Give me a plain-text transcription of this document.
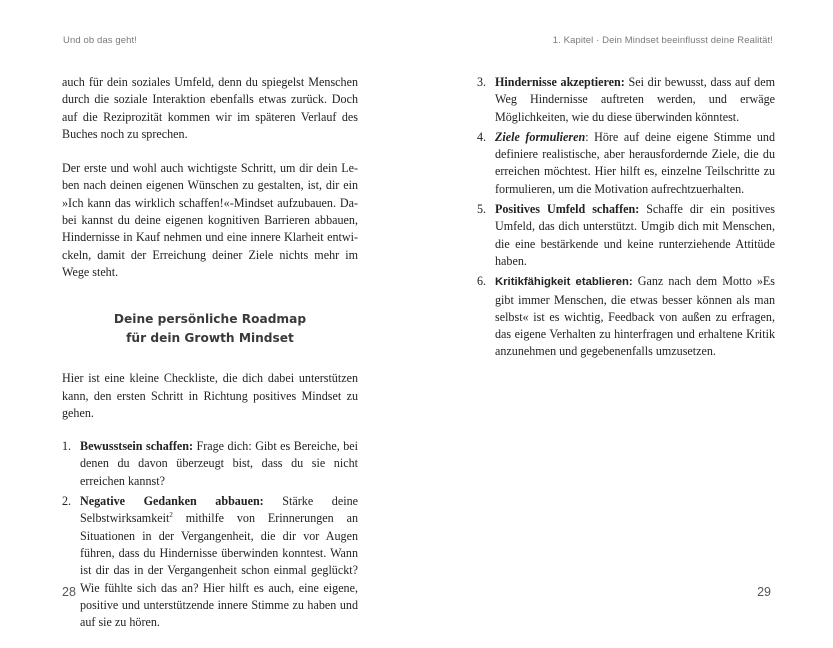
Und ob das geht!

auch für dein soziales Umfeld, denn du spiegelst Menschen durch die soziale Interaktion ebenfalls etwas zurück. Doch auf die Reziprozität kommen wir im späteren Verlauf des Buches noch zu sprechen.

Der erste und wohl auch wichtigste Schritt, um dir dein Leben nach deinen eigenen Wünschen zu gestalten, ist, dir ein »Ich kann das wirklich schaffen!«-Mindset aufzubauen. Dabei kannst du deine eigenen kognitiven Barrieren abbauen, Hindernisse in Kauf nehmen und eine innere Klarheit entwickeln, damit der Erreichung deiner Ziele nichts mehr im Wege steht.

Deine persönliche Roadmap
für dein Growth Mindset

Hier ist eine kleine Checkliste, die dich dabei unterstützen kann, den ersten Schritt in Richtung positives Mindset zu gehen.

1. Bewusstsein schaffen: Frage dich: Gibt es Bereiche, bei denen du davon überzeugt bist, dass du sie nicht erreichen kannst?
2. Negative Gedanken abbauen: Stärke deine Selbstwirksamkeit$^2$ mithilfe von Erinnerungen an Situationen in der Vergangenheit, die dir vor Augen führen, dass du Hindernisse überwinden konntest. Wann ist dir das in der Vergangenheit schon einmal geglückt? Wie fühlte sich das an? Hier hilft es auch, eine eigene, positive und unterstützende innere Stimme zu haben und auf sie zu hören.
28
1. Kapitel · Dein Mindset beeinflusst deine Realität!
3. Hindernisse akzeptieren: Sei dir bewusst, dass auf dem Weg Hindernisse auftreten werden, und erwäge Möglichkeiten, wie du diese überwinden könntest.
4. Ziele formulieren: Höre auf deine eigene Stimme und definiere realistische, aber herausfordernde Ziele, die du erreichen möchtest. Hier hilft es, einzelne Teilschritte zu formulieren, um die Motivation aufrechtzuerhalten.
5. Positives Umfeld schaffen: Schaffe dir ein positives Umfeld, das dich unterstützt. Umgib dich mit Menschen, die eine bestärkende und keine runterziehende Attitüde haben.
6. Kritikfähigkeit etablieren: Ganz nach dem Motto »Es gibt immer Menschen, die etwas besser können als man selbst« ist es wichtig, Feedback von außen zu erfragen, das eigene Verhalten zu hinterfragen und erhaltene Kritik anzunehmen und gegebenenfalls umzusetzen.
29
